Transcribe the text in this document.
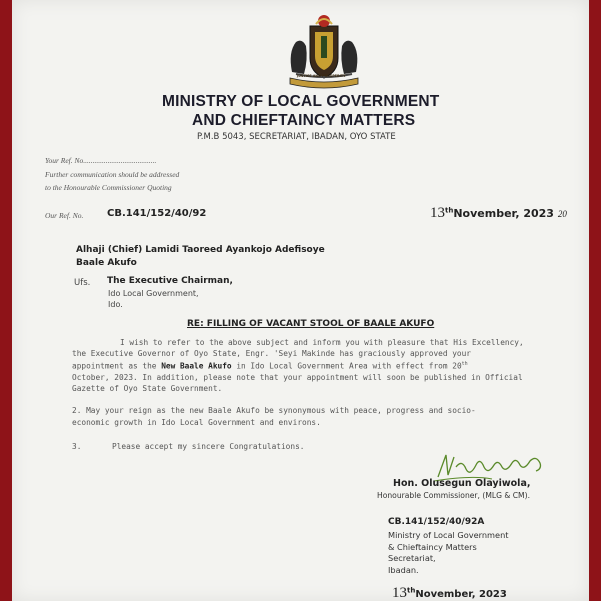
JUSTICE AND PROSPERITY
MINISTRY OF LOCAL GOVERNMENT
AND CHIEFTAINCY MATTERS
P.M.B 5043, SECRETARIAT, IBADAN, OYO STATE
Your Ref. No.......................................
Further communication should be addressed
to the Honourable Commissioner Quoting
Our Ref. No. CB.141/152/40/92	13thNovember, 2023 20
Alhaji (Chief) Lamidi Taoreed Ayankojo Adefisoye
Baale Akufo
Ufs. The Executive Chairman,
Ido Local Government,
Ido.
RE: FILLING OF VACANT STOOL OF BAALE AKUFO
I wish to refer to the above subject and inform you with pleasure that His Excellency,
the Executive Governor of Oyo State, Engr. 'Seyi Makinde has graciously approved your
appointment as the New Baale Akufo in Ido Local Government Area with effect from 20th
October, 2023. In addition, please note that your appointment will soon be published in Official
Gazette of Oyo State Government.
2. May your reign as the new Baale Akufo be synonymous with peace, progress and socio-
economic growth in Ido Local Government and environs.
3.	Please accept my sincere Congratulations.
Hon. Olusegun Olayiwola,
Honourable Commissioner, (MLG & CM).
CB.141/152/40/92A
Ministry of Local Government
& Chieftaincy Matters
Secretariat,
Ibadan.
13thNovember, 2023
